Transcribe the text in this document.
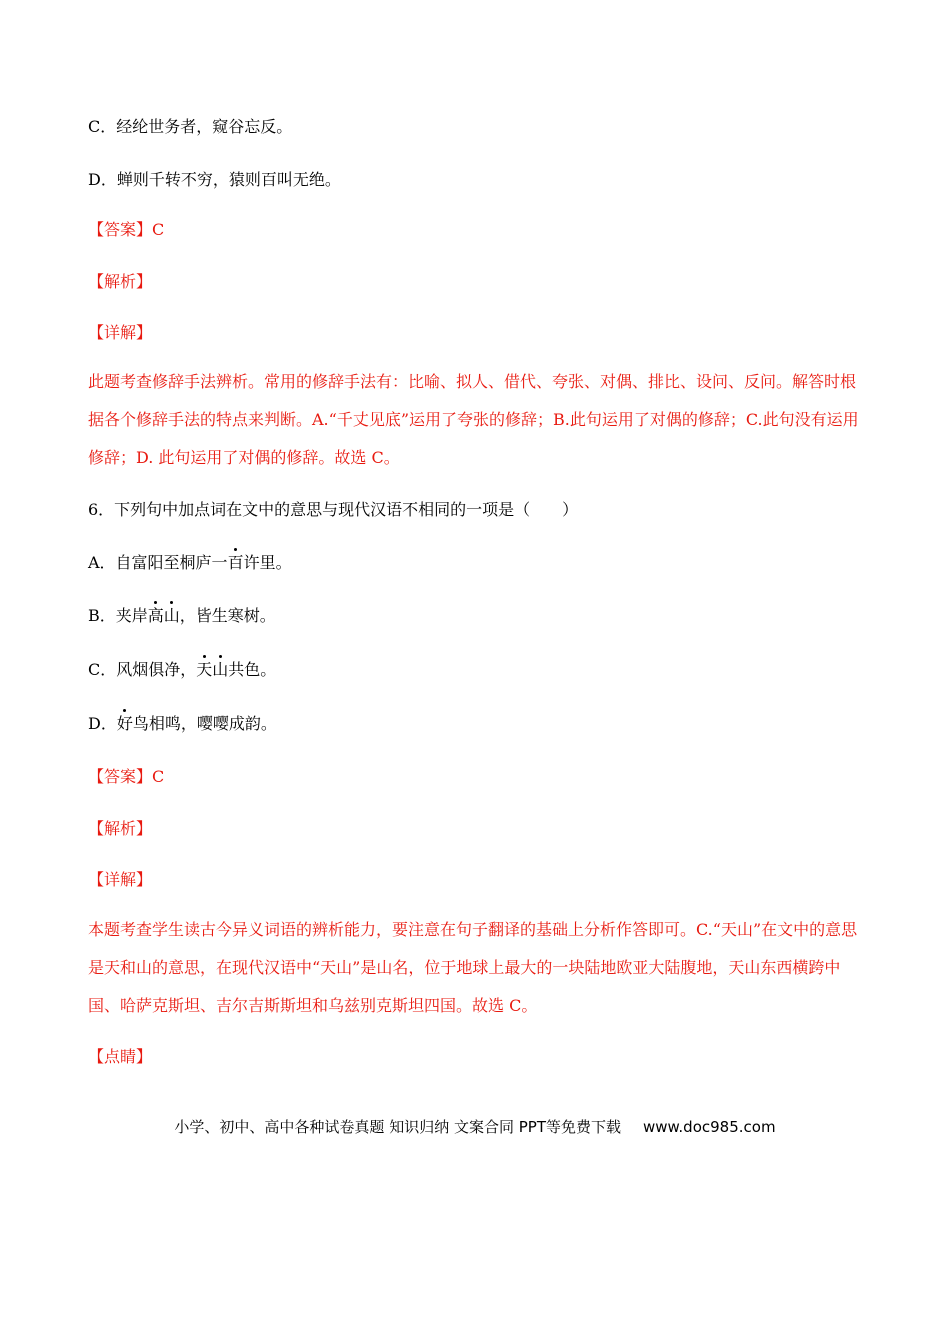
C．经纶世务者，窥谷忘反。
D．蝉则千转不穷，猿则百叫无绝。
【答案】C
【解析】
【详解】
此题考查修辞手法辨析。常用的修辞手法有：比喻、拟人、借代、夸张、对偶、排比、设问、反问。解答时根据各个修辞手法的特点来判断。A.“千丈见底”运用了夸张的修辞；B.此句运用了对偶的修辞；C.此句没有运用修辞；D. 此句运用了对偶的修辞。故选 C。
6．下列句中加点词在文中的意思与现代汉语不相同的一项是（　　）
A．自富阳至桐庐一百许里。
B．夹岸高山，皆生寒树。
C．风烟俱净，天山共色。
D．好鸟相鸣，嘤嘤成韵。
【答案】C
【解析】
【详解】
本题考查学生读古今异义词语的辨析能力，要注意在句子翻译的基础上分析作答即可。C.“天山”在文中的意思是天和山的意思，在现代汉语中“天山”是山名，位于地球上最大的一块陆地欧亚大陆腹地，天山东西横跨中国、哈萨克斯坦、吉尔吉斯斯坦和乌兹别克斯坦四国。故选 C。
【点睛】
小学、初中、高中各种试卷真题 知识归纳 文案合同 PPT等免费下载 www.doc985.com
